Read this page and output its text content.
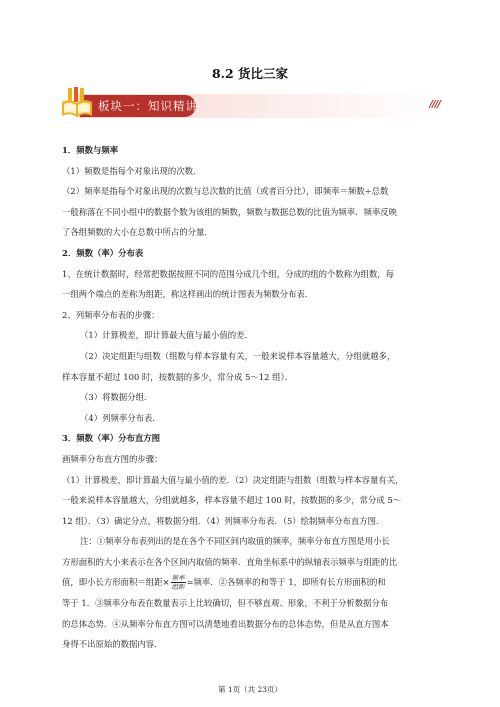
8.2 货比三家
板块一：知识精讲	////
1．频数与频率
（1）频数是指每个对象出现的次数．
（2）频率是指每个对象出现的次数与总次数的比值（或者百分比），即频率＝频数÷总数
一般称落在不同小组中的数据个数为该组的频数，频数与数据总数的比值为频率．频率反映
了各组频数的大小在总数中所占的分量．
2．频数（率）分布表
1、在统计数据时，经常把数据按照不同的范围分成几个组，分成的组的个数称为组数，每
一组两个端点的差称为组距，称这样画出的统计图表为频数分布表．
2、列频率分布表的步骤：
（1）计算极差，即计算最大值与最小值的差．
（2）决定组距与组数（组数与样本容量有关，一般来说样本容量越大，分组就越多，
样本容量不超过 100 时，按数据的多少，常分成 5～12 组）．
（3）将数据分组．
（4）列频率分布表．
3．频数（率）分布直方图
画频率分布直方图的步骤：
（1）计算极差，即计算最大值与最小值的差．（2）决定组距与组数（组数与样本容量有关，
一般来说样本容量越大，分组就越多，样本容量不超过 100 时，按数据的多少，常分成 5～
12 组）．（3）确定分点，将数据分组．（4）列频率分布表．（5）绘制频率分布直方图．
注：①频率分布表列出的是在各个不同区间内取值的频率，频率分布直方图是用小长
方形面积的大小来表示在各个区间内取值的频率．直角坐标系中的纵轴表示频率与组距的比
值，即小长方形面积＝组距× $\frac{\text{频率}}{\text{组距}}$ =频率．②各频率的和等于 1，即所有长方形面积的和
等于 1．③频率分布表在数量表示上比较确切，但不够直观、形象，不利于分析数据分布
的总体态势．④从频率分布直方图可以清楚地看出数据分布的总体态势，但是从直方图本
身得不出原始的数据内容．
第 1页（共 23页）
